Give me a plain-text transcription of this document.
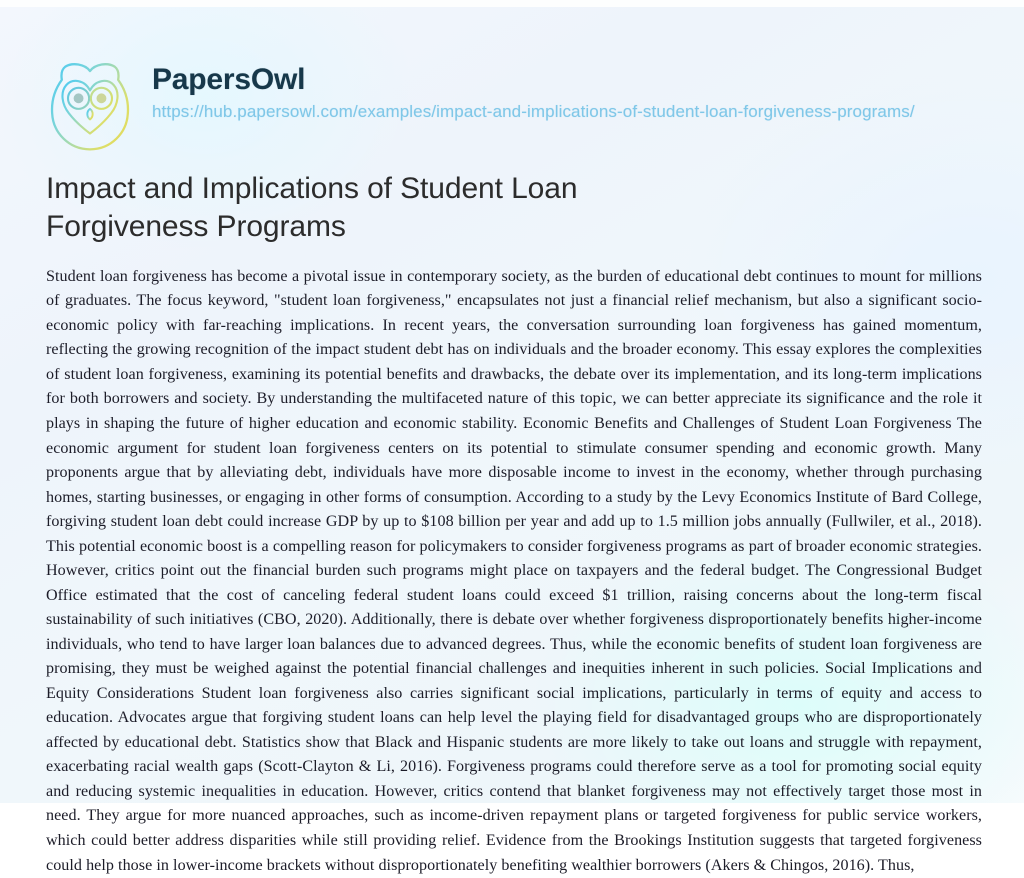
PapersOwl
https://hub.papersowl.com/examples/impact-and-implications-of-student-loan-forgiveness-programs/
Impact and Implications of Student Loan Forgiveness Programs

Student loan forgiveness has become a pivotal issue in contemporary society, as the burden of educational debt continues to mount for millions of graduates. The focus keyword, "student loan forgiveness," encapsulates not just a financial relief mechanism, but also a significant socio-economic policy with far-reaching implications. In recent years, the conversation surrounding loan forgiveness has gained momentum, reflecting the growing recognition of the impact student debt has on individuals and the broader economy. This essay explores the complexities of student loan forgiveness, examining its potential benefits and drawbacks, the debate over its implementation, and its long-term implications for both borrowers and society. By understanding the multifaceted nature of this topic, we can better appreciate its significance and the role it plays in shaping the future of higher education and economic stability. Economic Benefits and Challenges of Student Loan Forgiveness The economic argument for student loan forgiveness centers on its potential to stimulate consumer spending and economic growth. Many proponents argue that by alleviating debt, individuals have more disposable income to invest in the economy, whether through purchasing homes, starting businesses, or engaging in other forms of consumption. According to a study by the Levy Economics Institute of Bard College, forgiving student loan debt could increase GDP by up to $108 billion per year and add up to 1.5 million jobs annually (Fullwiler, et al., 2018). This potential economic boost is a compelling reason for policymakers to consider forgiveness programs as part of broader economic strategies. However, critics point out the financial burden such programs might place on taxpayers and the federal budget. The Congressional Budget Office estimated that the cost of canceling federal student loans could exceed $1 trillion, raising concerns about the long-term fiscal sustainability of such initiatives (CBO, 2020). Additionally, there is debate over whether forgiveness disproportionately benefits higher-income individuals, who tend to have larger loan balances due to advanced degrees. Thus, while the economic benefits of student loan forgiveness are promising, they must be weighed against the potential financial challenges and inequities inherent in such policies. Social Implications and Equity Considerations Student loan forgiveness also carries significant social implications, particularly in terms of equity and access to education. Advocates argue that forgiving student loans can help level the playing field for disadvantaged groups who are disproportionately affected by educational debt. Statistics show that Black and Hispanic students are more likely to take out loans and struggle with repayment, exacerbating racial wealth gaps (Scott-Clayton & Li, 2016). Forgiveness programs could therefore serve as a tool for promoting social equity and reducing systemic inequalities in education. However, critics contend that blanket forgiveness may not effectively target those most in need. They argue for more nuanced approaches, such as income-driven repayment plans or targeted forgiveness for public service workers, which could better address disparities while still providing relief. Evidence from the Brookings Institution suggests that targeted forgiveness could help those in lower-income brackets without disproportionately benefiting wealthier borrowers (Akers & Chingos, 2016). Thus,
